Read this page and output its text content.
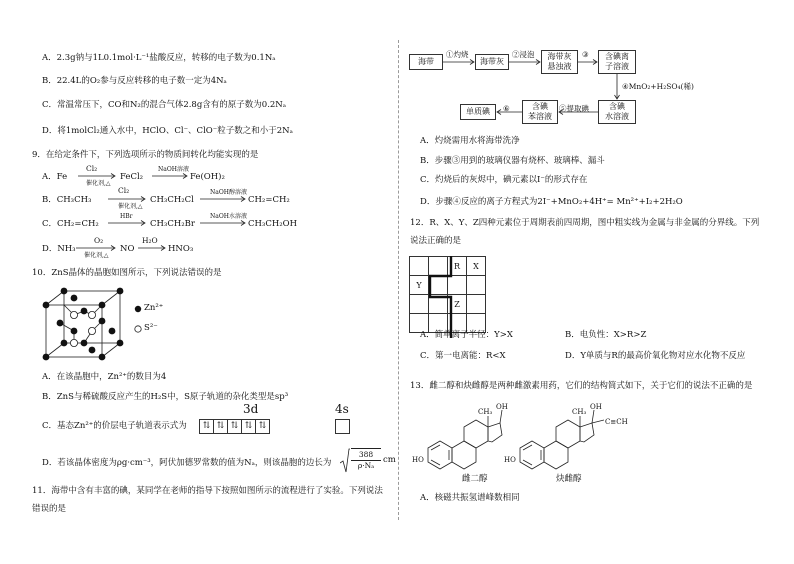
A．2.3g钠与1L0.1mol·L⁻¹盐酸反应，转移的电子数为0.1Nₐ
B．22.4L的O₂参与反应转移的电子数一定为4Nₐ
C．常温常压下，CO和N₂的混合气体2.8g含有的原子数为0.2Nₐ
D．将1molCl₂通入水中，HClO、Cl⁻、ClO⁻粒子数之和小于2Nₐ
9．在给定条件下，下列选项所示的物质间转化均能实现的是
A．Fe
Cl₂
催化剂,△
FeCl₂
NaOH溶液
Fe(OH)₂
B．CH₃CH₃
Cl₂
催化剂,△
CH₃CH₂Cl
NaOH醇溶液
CH₂=CH₂
C．CH₂=CH₂
HBr
CH₃CH₂Br
NaOH水溶液
CH₃CH₂OH
D．NH₃
O₂
催化剂,△
NO
H₂O
→ HNO₃
10．ZnS晶体的晶胞如图所示，下列说法错误的是
Zn²⁺
S²⁻
A．在该晶胞中，Zn²⁺的数目为4
B．ZnS与稀硫酸反应产生的H₂S中，S原子轨道的杂化类型是sp³
C．基态Zn²⁺的价层电子轨道表示式为
3d	4s
⇅ ⇅ ⇅ ⇅ ⇅
D．若该晶体密度为ρg·cm⁻³，阿伏加德罗常数的值为Nₐ，则该晶胞的边长为
388
ρ·Nₐ
cm
11．海带中含有丰富的碘，某同学在老师的指导下按照如图所示的流程进行了实验。下列说法
错误的是
海带
①灼烧
海带灰
②浸泡 海带灰
悬浊液
③ 含碘离
子溶液
④MnO₂+H₂SO₄(稀)
含碘
水溶液
⑤提取碘
含碘
苯溶液
⑥
单质碘
A．灼烧需用水将海带洗净
B．步骤③用到的玻璃仪器有烧杯、玻璃棒、漏斗
C．灼烧后的灰烬中，碘元素以I⁻的形式存在
D．步骤④反应的离子方程式为2I⁻+MnO₂+4H⁺= Mn²⁺+I₂+2H₂O
12．R、X、Y、Z四种元素位于周期表前四周期，图中粗实线为金属与非金属的分界线。下列
说法正确的是
		R	X
Y			
		Z	

A．简单离子半径：Y>X	B．电负性：X>R>Z
C．第一电离能：R<X	D．Y单质与R的最高价氧化物对应水化物不反应
13．雌二醇和炔雌醇是两种雌激素用药，它们的结构简式如下，关于它们的说法不正确的是
CH₃
OH
HO
雌二醇
CH₃
OH
C≡CH
HO
炔雌醇
A．核磁共振氢谱峰数相同
